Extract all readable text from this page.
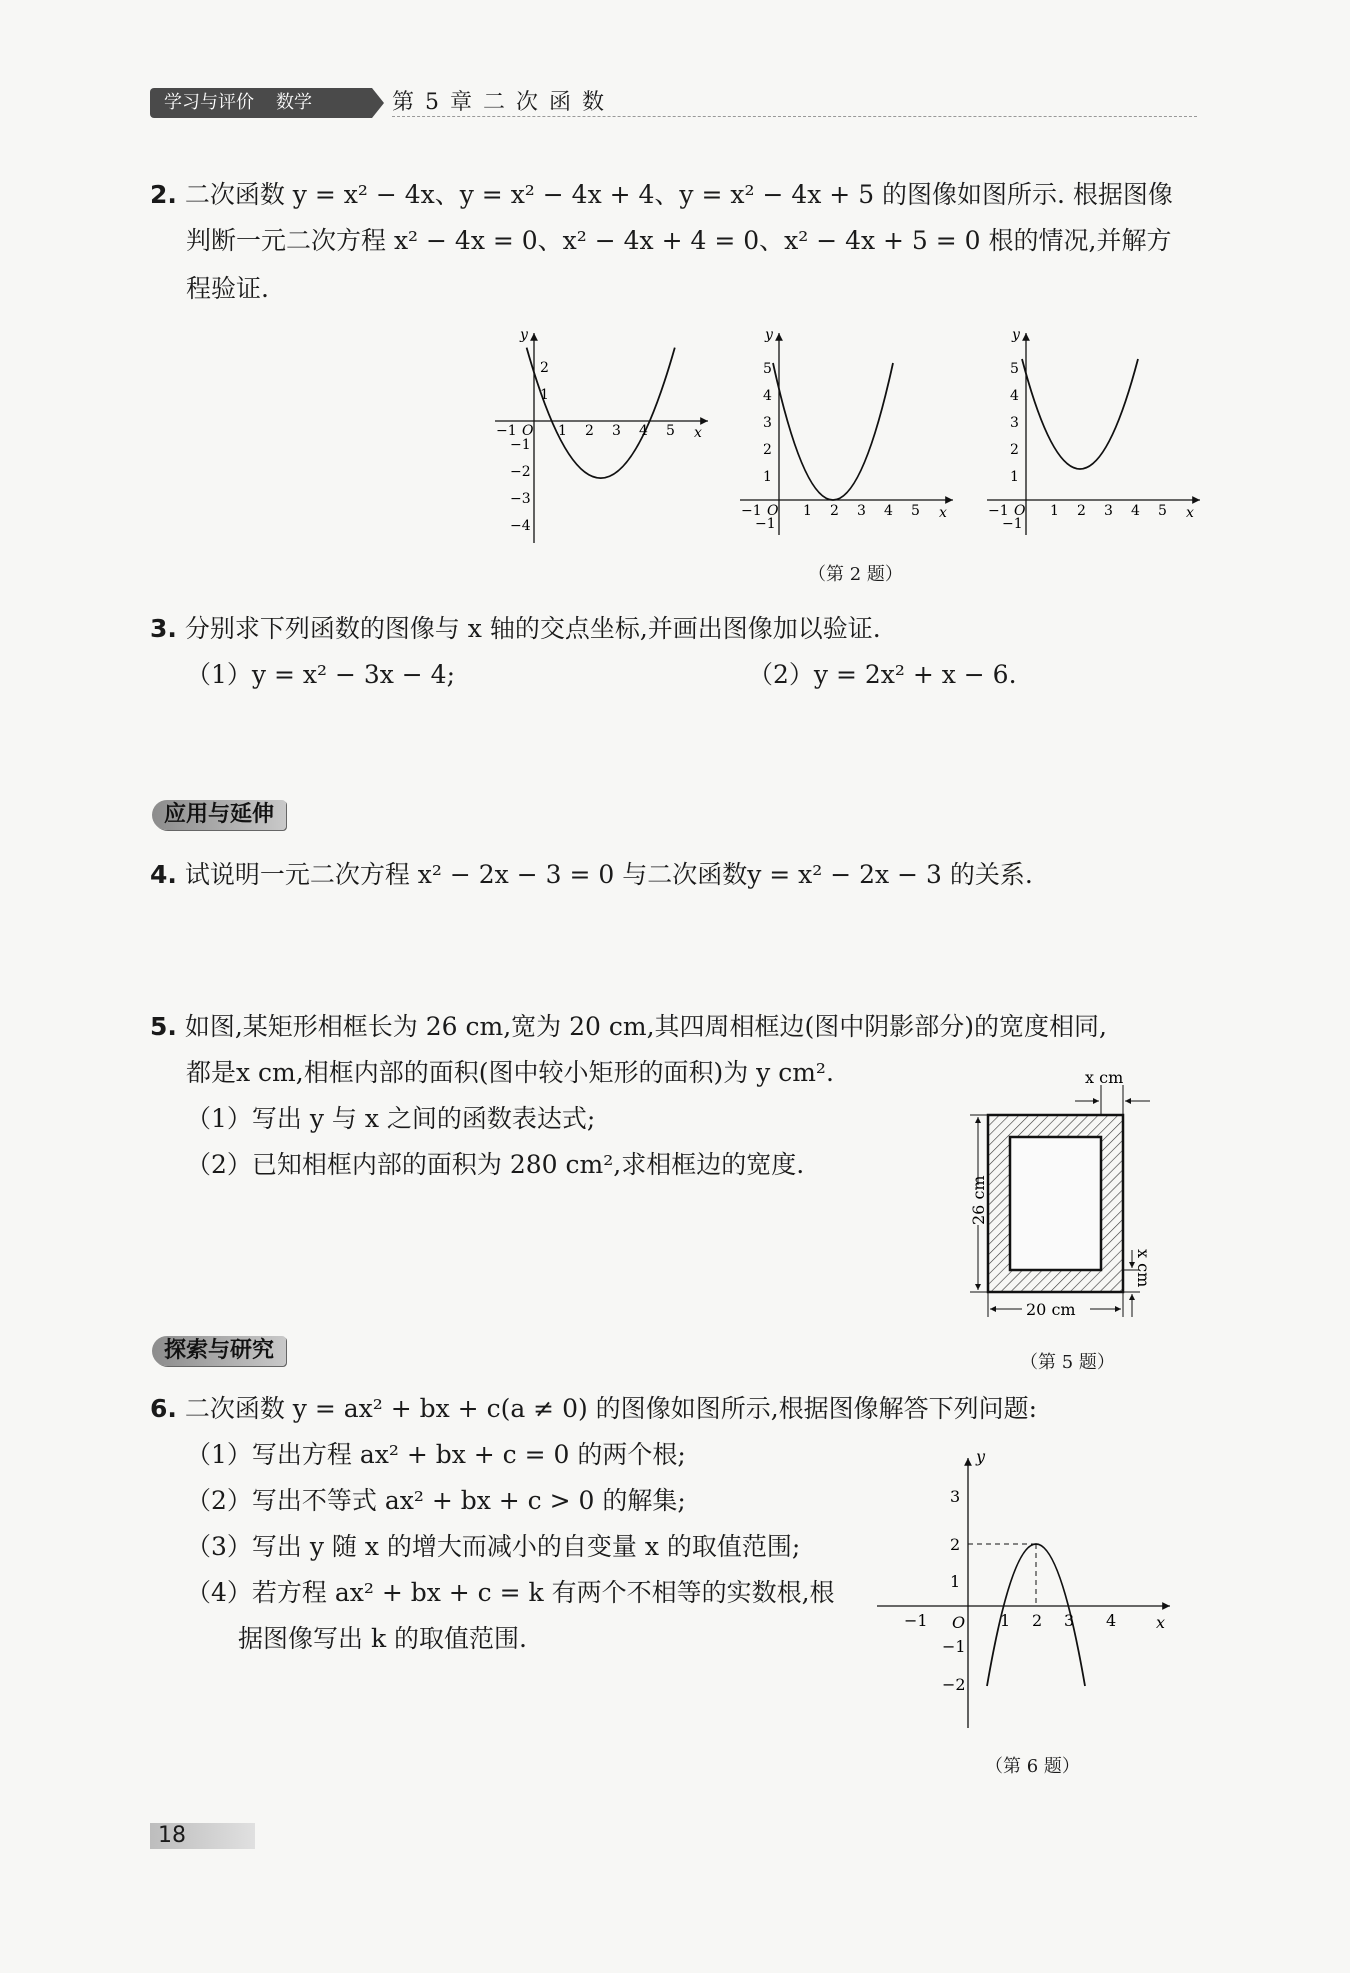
学习与评价 数学	第 5 章 二 次 函 数
2. 二次函数 y = x² − 4x、y = x² − 4x + 4、y = x² − 4x + 5 的图像如图所示. 根据图像
判断一元二次方程 x² − 4x = 0、x² − 4x + 4 = 0、x² − 4x + 5 = 0 根的情况,并解方
程验证.
2
1
−1
−2
−3
−4
−1	1 2 3 4 5
O	x
y
5
4
3
2
1
−1
−1	1 2 3 4 5
O	x
y
5
4
3
2
1
−1
−1	1 2 3 4 5
O	x
y
（第 2 题）
3. 分别求下列函数的图像与 x 轴的交点坐标,并画出图像加以验证.
（1）y = x² − 3x − 4;	（2）y = 2x² + x − 6.
应用与延伸
4. 试说明一元二次方程 x² − 2x − 3 = 0 与二次函数y = x² − 2x − 3 的关系.
5. 如图,某矩形相框长为 26 cm,宽为 20 cm,其四周相框边(图中阴影部分)的宽度相同,
都是x cm,相框内部的面积(图中较小矩形的面积)为 y cm².
（1）写出 y 与 x 之间的函数表达式;
（2）已知相框内部的面积为 280 cm²,求相框边的宽度.
x cm
26 cm
x cm
20 cm
（第 5 题）
探索与研究
6. 二次函数 y = ax² + bx + c(a ≠ 0) 的图像如图所示,根据图像解答下列问题:
（1）写出方程 ax² + bx + c = 0 的两个根;
（2）写出不等式 ax² + bx + c > 0 的解集;
（3）写出 y 随 x 的增大而减小的自变量 x 的取值范围;
（4）若方程 ax² + bx + c = k 有两个不相等的实数根,根
据图像写出 k 的取值范围.
3
2
1
−1
−2
−1	1 2 3 4
O	x
y
（第 6 题）
18
